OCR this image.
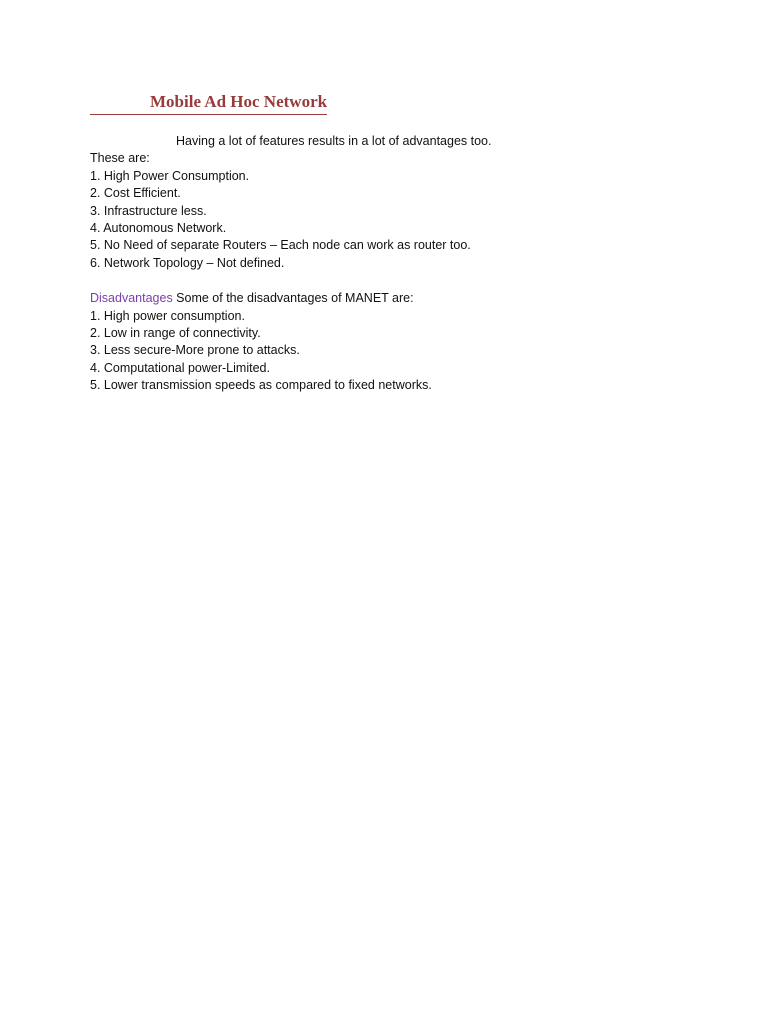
Mobile Ad Hoc Network
Having a lot of features results in a lot of advantages too.
These are:
1. High Power Consumption.
2. Cost Efficient.
3. Infrastructure less.
4. Autonomous Network.
5. No Need of separate Routers – Each node can work as router too.
6. Network Topology – Not defined.
Disadvantages Some of the disadvantages of MANET are:
1. High power consumption.
2. Low in range of connectivity.
3. Less secure-More prone to attacks.
4. Computational power-Limited.
5. Lower transmission speeds as compared to fixed networks.
